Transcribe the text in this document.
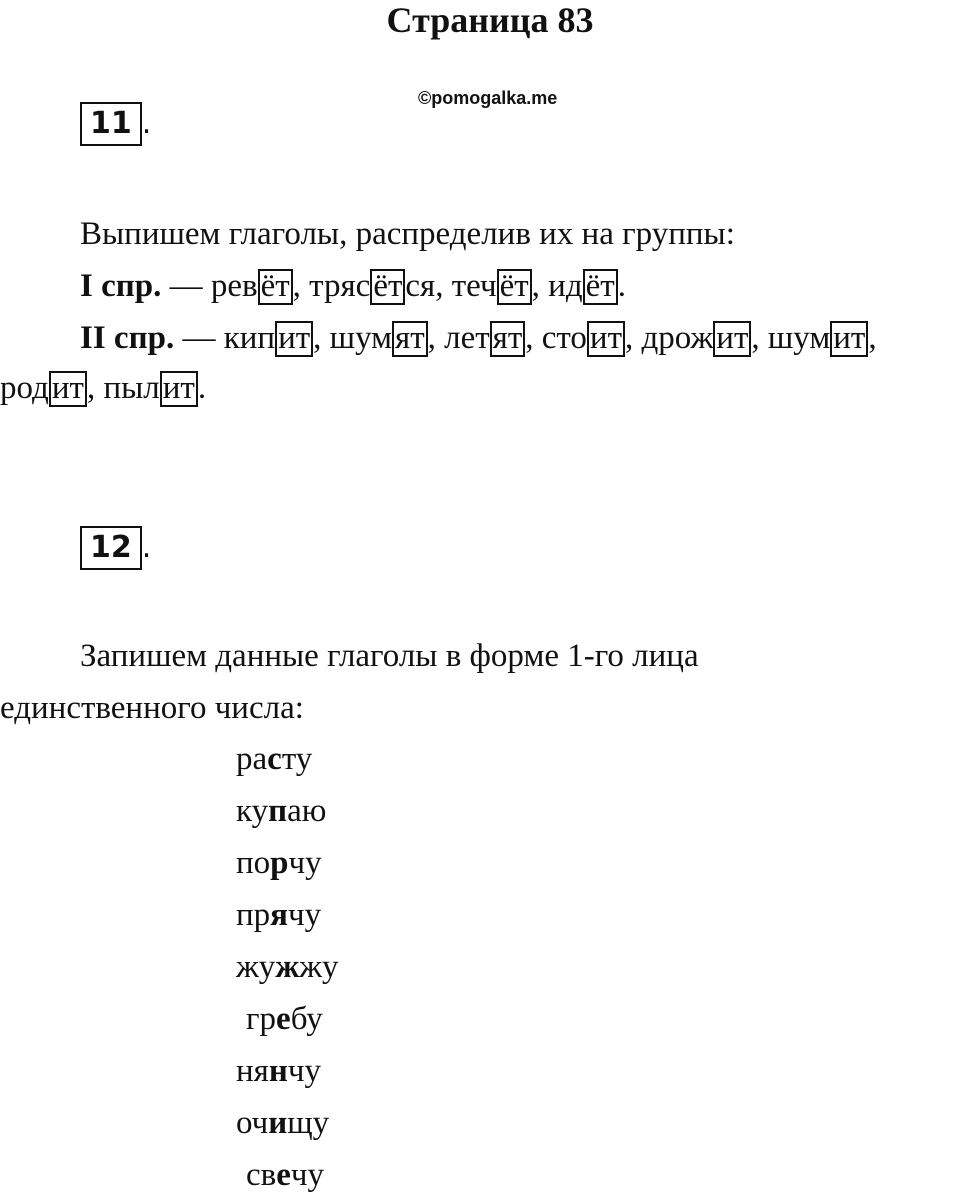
Страница 83
©pomogalka.me
11 .
Выпишем глаголы, распределив их на группы:
I спр. — ревёт, трясётся, течёт, идёт.
II спр. — кипит, шумят, летят, стоит, дрожит, шумит,
родит, пылит.
12 .
Запишем данные глаголы в форме 1-го лица
единственного числа:
расту
купаю
порчу
прячу
жужжу
гребу
нянчу
очищу
свечу
